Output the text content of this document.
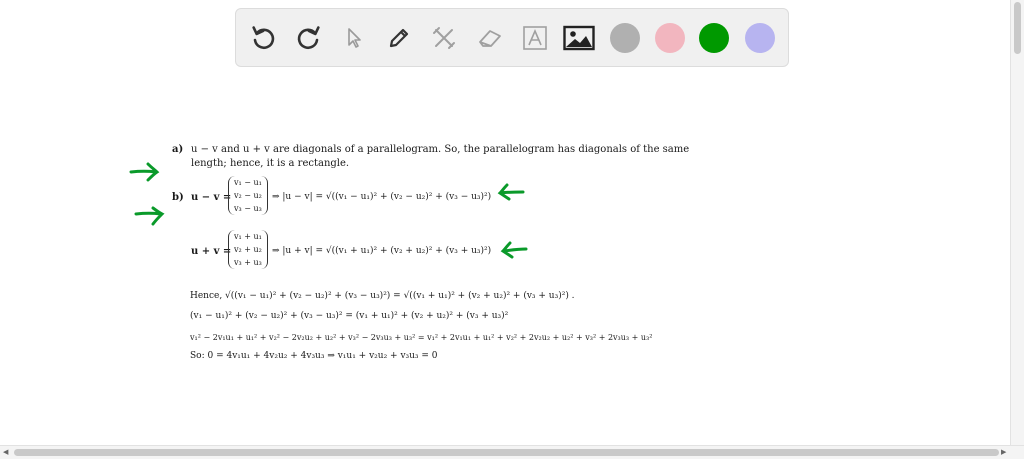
a) u − v and u + v are diagonals of a parallelogram. So, the parallelogram has diagonals of the same
length; hence, it is a rectangle.
b) u − v =
v₁ − u₁
v₂ − u₂
v₃ − u₃
⇒ |u − v| = √((v₁ − u₁)² + (v₂ − u₂)² + (v₃ − u₃)²)
u + v =
v₁ + u₁
v₂ + u₂
v₃ + u₃
⇒ |u + v| = √((v₁ + u₁)² + (v₂ + u₂)² + (v₃ + u₃)²)
Hence, √((v₁ − u₁)² + (v₂ − u₂)² + (v₃ − u₃)²) = √((v₁ + u₁)² + (v₂ + u₂)² + (v₃ + u₃)²) .
(v₁ − u₁)² + (v₂ − u₂)² + (v₃ − u₃)² = (v₁ + u₁)² + (v₂ + u₂)² + (v₃ + u₃)²
v₁² − 2v₁u₁ + u₁² + v₂² − 2v₂u₂ + u₂² + v₃² − 2v₃u₃ + u₃² = v₁² + 2v₁u₁ + u₁² + v₂² + 2v₂u₂ + u₂² + v₃² + 2v₃u₃ + u₃²
So: 0 = 4v₁u₁ + 4v₂u₂ + 4v₃u₃ ⇒ v₁u₁ + v₂u₂ + v₃u₃ = 0
◀	▶
